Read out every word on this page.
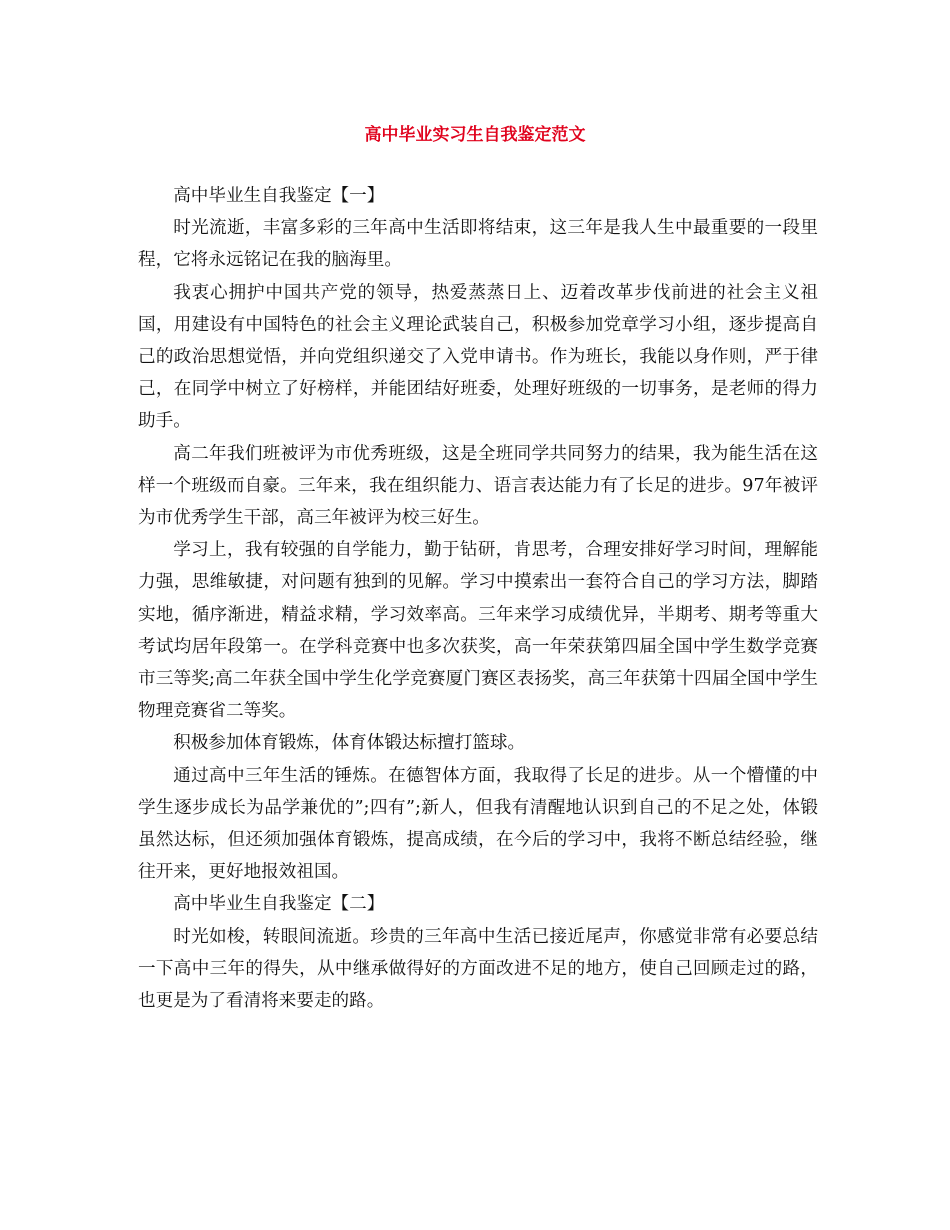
高中毕业实习生自我鉴定范文

高中毕业生自我鉴定【一】

时光流逝，丰富多彩的三年高中生活即将结束，这三年是我人生中最重要的一段里程，它将永远铭记在我的脑海里。

我衷心拥护中国共产党的领导，热爱蒸蒸日上、迈着改革步伐前进的社会主义祖国，用建设有中国特色的社会主义理论武装自己，积极参加党章学习小组，逐步提高自己的政治思想觉悟，并向党组织递交了入党申请书。作为班长，我能以身作则，严于律己，在同学中树立了好榜样，并能团结好班委，处理好班级的一切事务，是老师的得力助手。

高二年我们班被评为市优秀班级，这是全班同学共同努力的结果，我为能生活在这样一个班级而自豪。三年来，我在组织能力、语言表达能力有了长足的进步。97年被评为市优秀学生干部，高三年被评为校三好生。

学习上，我有较强的自学能力，勤于钻研，肯思考，合理安排好学习时间，理解能力强，思维敏捷，对问题有独到的见解。学习中摸索出一套符合自己的学习方法，脚踏实地，循序渐进，精益求精，学习效率高。三年来学习成绩优异，半期考、期考等重大考试均居年段第一。在学科竞赛中也多次获奖，高一年荣获第四届全国中学生数学竞赛市三等奖;高二年获全国中学生化学竞赛厦门赛区表扬奖，高三年获第十四届全国中学生物理竞赛省二等奖。

积极参加体育锻炼，体育体锻达标擅打篮球。

通过高中三年生活的锤炼。在德智体方面，我取得了长足的进步。从一个懵懂的中学生逐步成长为品学兼优的”;四有”;新人，但我有清醒地认识到自己的不足之处，体锻虽然达标，但还须加强体育锻炼，提高成绩，在今后的学习中，我将不断总结经验，继往开来，更好地报效祖国。

高中毕业生自我鉴定【二】

时光如梭，转眼间流逝。珍贵的三年高中生活已接近尾声，你感觉非常有必要总结一下高中三年的得失，从中继承做得好的方面改进不足的地方，使自己回顾走过的路，也更是为了看清将来要走的路。
